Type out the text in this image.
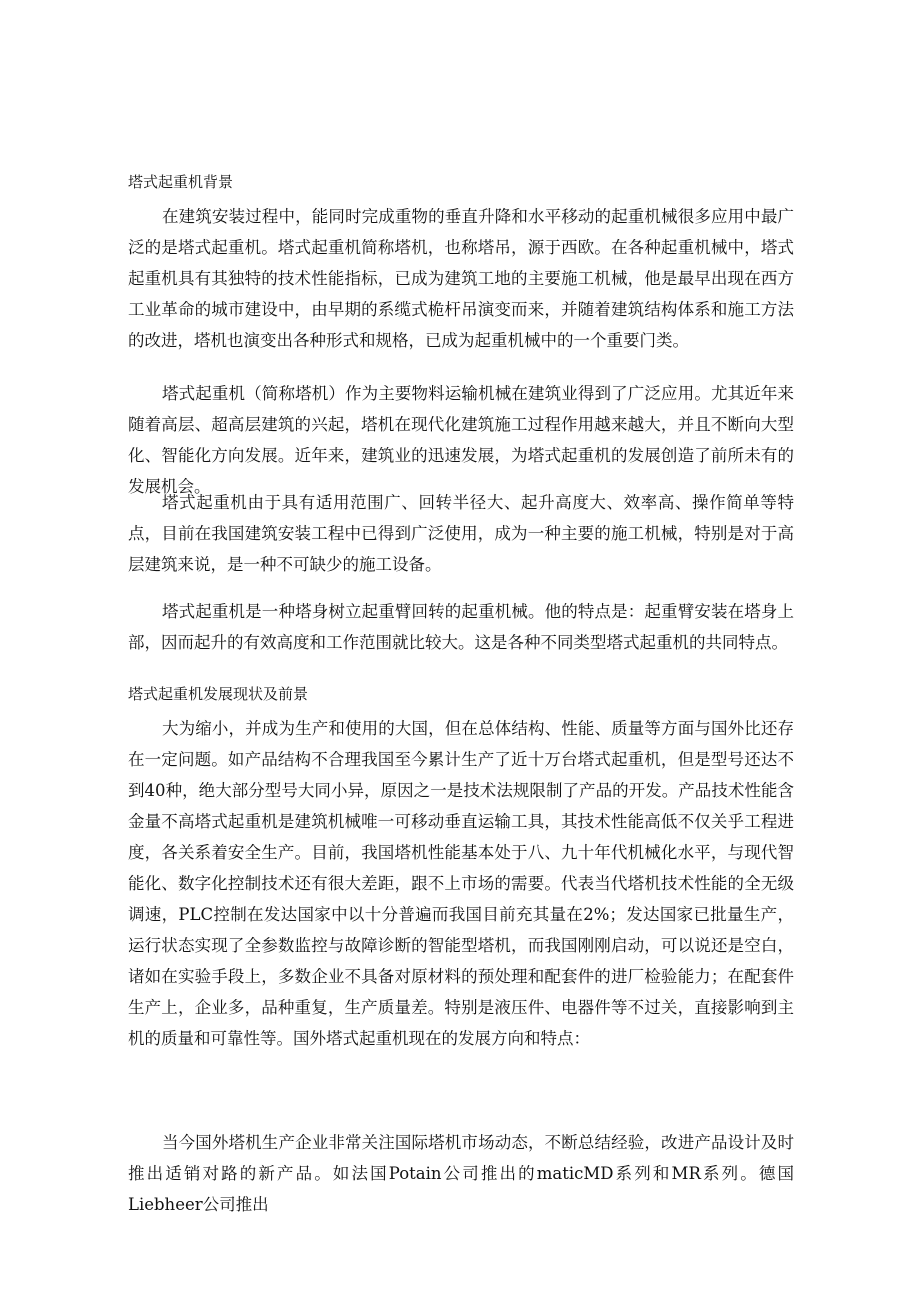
塔式起重机背景

在建筑安装过程中，能同时完成重物的垂直升降和水平移动的起重机械很多应用中最广泛的是塔式起重机。塔式起重机简称塔机，也称塔吊，源于西欧。在各种起重机械中，塔式起重机具有其独特的技术性能指标，已成为建筑工地的主要施工机械，他是最早出现在西方工业革命的城市建设中，由早期的系缆式桅杆吊演变而来，并随着建筑结构体系和施工方法的改进，塔机也演变出各种形式和规格，已成为起重机械中的一个重要门类。

塔式起重机（简称塔机）作为主要物料运输机械在建筑业得到了广泛应用。尤其近年来随着高层、超高层建筑的兴起，塔机在现代化建筑施工过程作用越来越大，并且不断向大型化、智能化方向发展。近年来，建筑业的迅速发展，为塔式起重机的发展创造了前所未有的发展机会。

塔式起重机由于具有适用范围广、回转半径大、起升高度大、效率高、操作简单等特点，目前在我国建筑安装工程中已得到广泛使用，成为一种主要的施工机械，特别是对于高层建筑来说，是一种不可缺少的施工设备。

塔式起重机是一种塔身树立起重臂回转的起重机械。他的特点是：起重臂安装在塔身上部，因而起升的有效高度和工作范围就比较大。这是各种不同类型塔式起重机的共同特点。

塔式起重机发展现状及前景

大为缩小，并成为生产和使用的大国，但在总体结构、性能、质量等方面与国外比还存在一定问题。如产品结构不合理我国至今累计生产了近十万台塔式起重机，但是型号还达不到40种，绝大部分型号大同小异，原因之一是技术法规限制了产品的开发。产品技术性能含金量不高塔式起重机是建筑机械唯一可移动垂直运输工具，其技术性能高低不仅关乎工程进度，各关系着安全生产。目前，我国塔机性能基本处于八、九十年代机械化水平，与现代智能化、数字化控制技术还有很大差距，跟不上市场的需要。代表当代塔机技术性能的全无级调速，PLC控制在发达国家中以十分普遍而我国目前充其量在2%；发达国家已批量生产，运行状态实现了全参数监控与故障诊断的智能型塔机，而我国刚刚启动，可以说还是空白，诸如在实验手段上，多数企业不具备对原材料的预处理和配套件的进厂检验能力；在配套件生产上，企业多，品种重复，生产质量差。特别是液压件、电器件等不过关，直接影响到主机的质量和可靠性等。国外塔式起重机现在的发展方向和特点：

当今国外塔机生产企业非常关注国际塔机市场动态，不断总结经验，改进产品设计及时推出适销对路的新产品。如法国Potain公司推出的maticMD系列和MR系列。德国Liebheer公司推出
